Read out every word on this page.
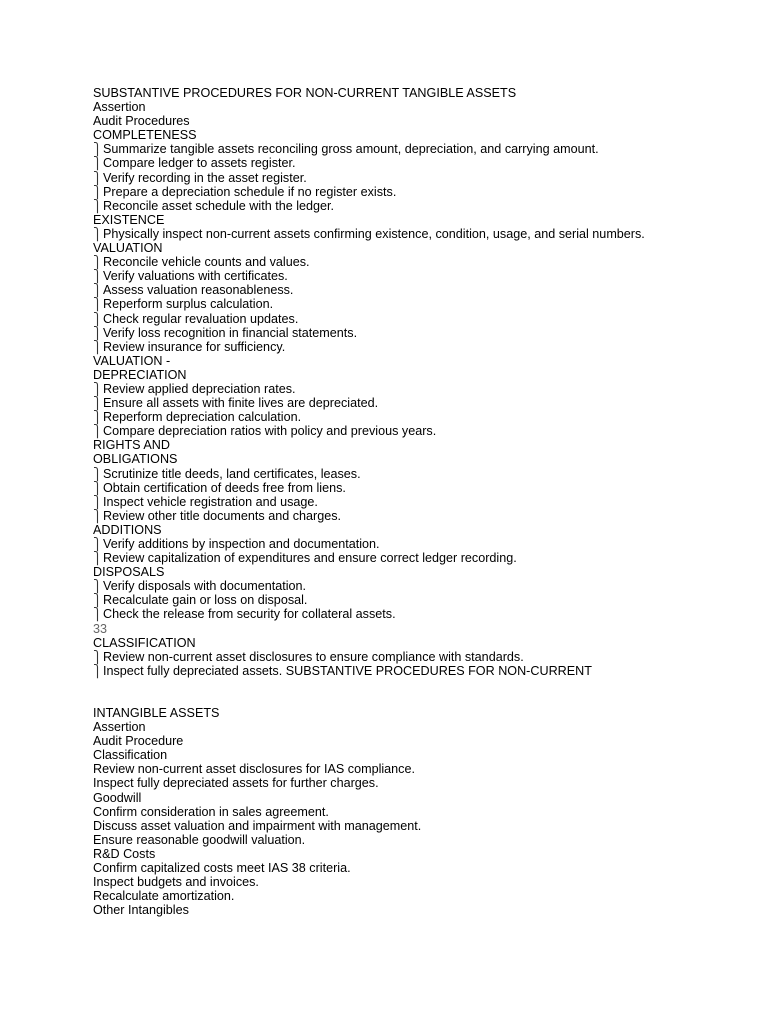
SUBSTANTIVE PROCEDURES FOR NON-CURRENT TANGIBLE ASSETS
Assertion
Audit Procedures
COMPLETENESS
⎫ Summarize tangible assets reconciling gross amount, depreciation, and carrying amount.
⎫ Compare ledger to assets register.
⎫ Verify recording in the asset register.
⎫ Prepare a depreciation schedule if no register exists.
⎫ Reconcile asset schedule with the ledger.
EXISTENCE
⎫ Physically inspect non-current assets confirming existence, condition, usage, and serial numbers.
VALUATION
⎫ Reconcile vehicle counts and values.
⎫ Verify valuations with certificates.
⎫ Assess valuation reasonableness.
⎫ Reperform surplus calculation.
⎫ Check regular revaluation updates.
⎫ Verify loss recognition in financial statements.
⎫ Review insurance for sufficiency.
VALUATION -
DEPRECIATION
⎫ Review applied depreciation rates.
⎫ Ensure all assets with finite lives are depreciated.
⎫ Reperform depreciation calculation.
⎫ Compare depreciation ratios with policy and previous years.
RIGHTS AND
OBLIGATIONS
⎫ Scrutinize title deeds, land certificates, leases.
⎫ Obtain certification of deeds free from liens.
⎫ Inspect vehicle registration and usage.
⎫ Review other title documents and charges.
ADDITIONS
⎫ Verify additions by inspection and documentation.
⎫ Review capitalization of expenditures and ensure correct ledger recording.
DISPOSALS
⎫ Verify disposals with documentation.
⎫ Recalculate gain or loss on disposal.
⎫ Check the release from security for collateral assets.
33
CLASSIFICATION
⎫ Review non-current asset disclosures to ensure compliance with standards.
⎫ Inspect fully depreciated assets. SUBSTANTIVE PROCEDURES FOR NON-CURRENT
INTANGIBLE ASSETS
Assertion
Audit Procedure
Classification
Review non-current asset disclosures for IAS compliance.
Inspect fully depreciated assets for further charges.
Goodwill
Confirm consideration in sales agreement.
Discuss asset valuation and impairment with management.
Ensure reasonable goodwill valuation.
R&D Costs
Confirm capitalized costs meet IAS 38 criteria.
Inspect budgets and invoices.
Recalculate amortization.
Other Intangibles
